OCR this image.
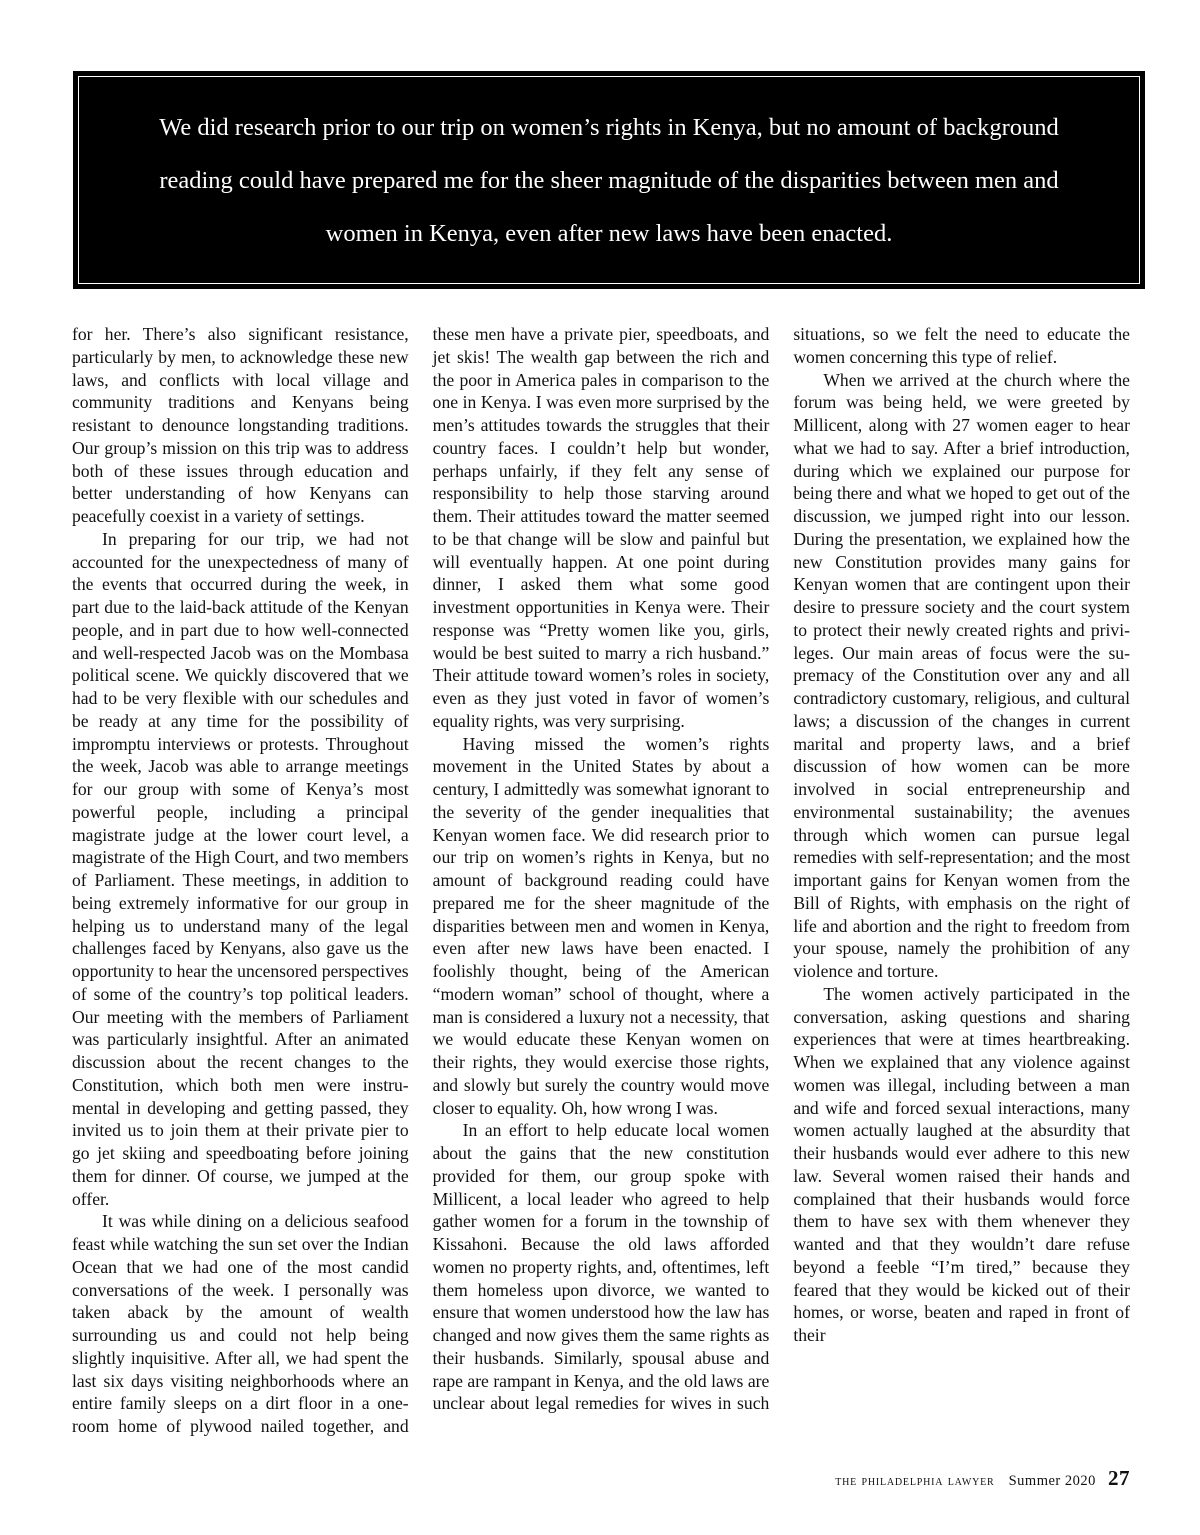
We did research prior to our trip on women’s rights in Kenya, but no amount of background reading could have prepared me for the sheer magnitude of the disparities between men and women in Kenya, even after new laws have been enacted.

for her. There’s also significant resistance, particularly by men, to acknowledge these new laws, and conflicts with local village and community traditions and Kenyans being resistant to denounce longstanding traditions. Our group’s mission on this trip was to address both of these issues through education and better understanding of how Kenyans can peacefully coexist in a variety of settings.

In preparing for our trip, we had not accounted for the unexpectedness of many of the events that occurred during the week, in part due to the laid-back attitude of the Kenyan people, and in part due to how well-connected and well-respected Jacob was on the Mombasa political scene. We quickly discovered that we had to be very flexible with our schedules and be ready at any time for the possibility of impromptu interviews or protests. Throughout the week, Jacob was able to arrange meetings for our group with some of Kenya’s most powerful people, including a principal magistrate judge at the lower court level, a magistrate of the High Court, and two members of Parliament. These meetings, in addition to being extremely informative for our group in helping us to understand many of the legal challenges faced by Kenyans, also gave us the opportunity to hear the uncensored perspectives of some of the country’s top political leaders. Our meeting with the members of Parliament was particularly insightful. After an animated discussion about the recent changes to the Constitution, which both men were instrumental in developing and getting passed, they invited us to join them at their private pier to go jet skiing and speedboating before joining them for dinner. Of course, we jumped at the offer.

It was while dining on a delicious seafood feast while watching the sun set over the Indian Ocean that we had one of the most candid conversations of the week. I personally was taken aback by the amount of wealth surrounding us and could not help being slightly inquisitive. After all, we had spent the last six days visiting neighborhoods where an entire family sleeps on a dirt floor in a one-room home of plywood nailed together, and these men have a private pier, speedboats, and jet skis! The wealth gap between the rich and the poor in America pales in comparison to the one in Kenya. I was even more surprised by the men’s attitudes towards the struggles that their country faces. I couldn’t help but wonder, perhaps unfairly, if they felt any sense of responsibility to help those starving around them. Their attitudes toward the matter seemed to be that change will be slow and painful but will eventually happen. At one point during dinner, I asked them what some good investment opportunities in Kenya were. Their response was “Pretty women like you, girls, would be best suited to marry a rich husband.” Their attitude toward women’s roles in society, even as they just voted in favor of women’s equality rights, was very surprising.

Having missed the women’s rights movement in the United States by about a century, I admittedly was somewhat ignorant to the severity of the gender inequalities that Kenyan women face. We did research prior to our trip on women’s rights in Kenya, but no amount of background reading could have prepared me for the sheer magnitude of the disparities between men and women in Kenya, even after new laws have been enacted. I foolishly thought, being of the American “modern woman” school of thought, where a man is considered a luxury not a necessity, that we would educate these Kenyan women on their rights, they would exercise those rights, and slowly but surely the country would move closer to equality. Oh, how wrong I was.

In an effort to help educate local women about the gains that the new constitution provided for them, our group spoke with Millicent, a local leader who agreed to help gather women for a forum in the township of Kissahoni. Because the old laws afforded women no property rights, and, oftentimes, left them homeless upon divorce, we wanted to ensure that women understood how the law has changed and now gives them the same rights as their husbands. Similarly, spousal abuse and rape are rampant in Kenya, and the old laws are unclear about legal remedies for wives in such situations, so we felt the need to educate the women concerning this type of relief.

When we arrived at the church where the forum was being held, we were greeted by Millicent, along with 27 women eager to hear what we had to say. After a brief introduction, during which we explained our purpose for being there and what we hoped to get out of the discussion, we jumped right into our lesson. During the presentation, we explained how the new Constitution provides many gains for Kenyan women that are contingent upon their desire to pressure society and the court system to protect their newly created rights and privileges. Our main areas of focus were the supremacy of the Constitution over any and all contradictory customary, religious, and cultural laws; a discussion of the changes in current marital and property laws, and a brief discussion of how women can be more involved in social entrepreneurship and environmental sustainability; the avenues through which women can pursue legal remedies with self-representation; and the most important gains for Kenyan women from the Bill of Rights, with emphasis on the right of life and abortion and the right to freedom from your spouse, namely the prohibition of any violence and torture.

The women actively participated in the conversation, asking questions and sharing experiences that were at times heartbreaking. When we explained that any violence against women was illegal, including between a man and wife and forced sexual interactions, many women actually laughed at the absurdity that their husbands would ever adhere to this new law. Several women raised their hands and complained that their husbands would force them to have sex with them whenever they wanted and that they wouldn’t dare refuse beyond a feeble “I’m tired,” because they feared that they would be kicked out of their homes, or worse, beaten and raped in front of their

the philadelphia lawyer Summer 2020 27
